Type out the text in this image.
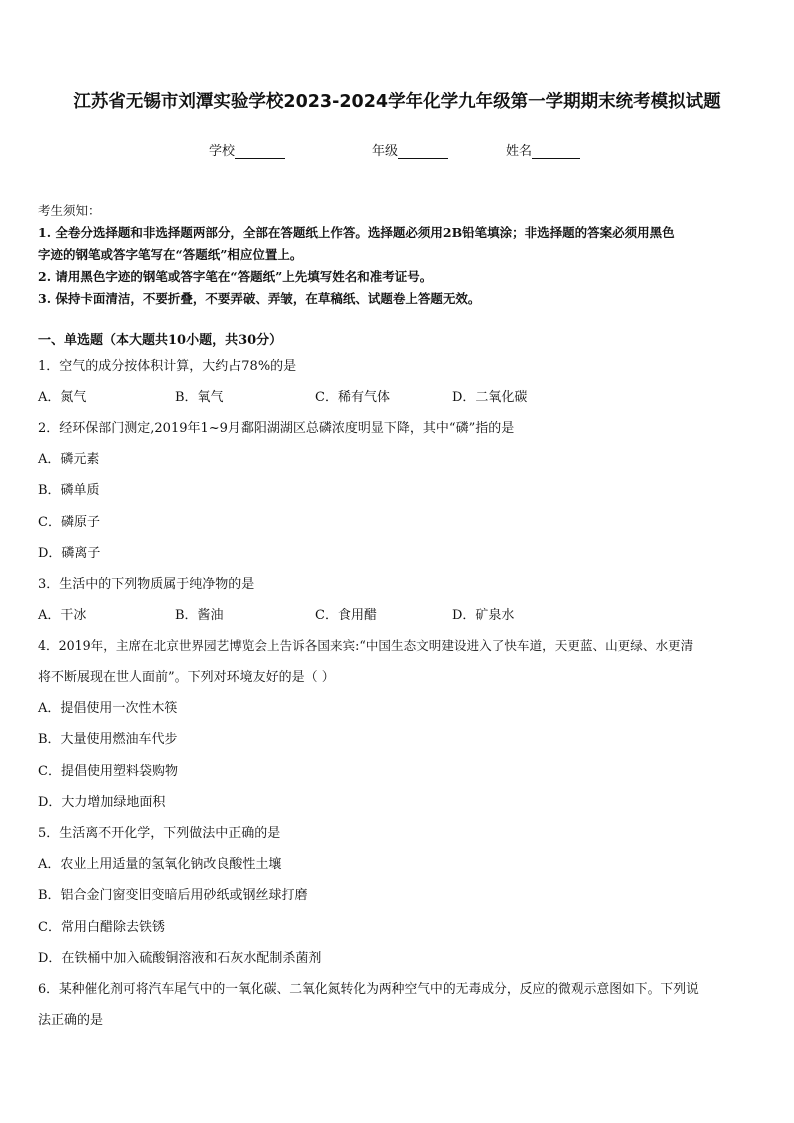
江苏省无锡市刘潭实验学校2023-2024学年化学九年级第一学期期末统考模拟试题
学校	年级	姓名
考生须知：
1. 全卷分选择题和非选择题两部分，全部在答题纸上作答。选择题必须用2B铅笔填涂；非选择题的答案必须用黑色
字迹的钢笔或答字笔写在“答题纸”相应位置上。
2. 请用黑色字迹的钢笔或答字笔在“答题纸”上先填写姓名和准考证号。
3. 保持卡面清洁，不要折叠，不要弄破、弄皱，在草稿纸、试题卷上答题无效。
一、单选题（本大题共10小题，共30分）
1．空气的成分按体积计算，大约占78%的是
A．氮气	B．氧气	C．稀有气体	D．二氧化碳
2．经环保部门测定,2019年1~9月鄱阳湖湖区总磷浓度明显下降，其中“磷”指的是
A．磷元素
B．磷单质
C．磷原子
D．磷离子
3．生活中的下列物质属于纯净物的是
A．干冰	B．酱油	C．食用醋	D．矿泉水
4．2019年，主席在北京世界园艺博览会上告诉各国来宾:“中国生态文明建设进入了快车道，天更蓝、山更绿、水更清
将不断展现在世人面前”。下列对环境友好的是（ ）
A．提倡使用一次性木筷
B．大量使用燃油车代步
C．提倡使用塑料袋购物
D．大力增加绿地面积
5．生活离不开化学，下列做法中正确的是
A．农业上用适量的氢氧化钠改良酸性土壤
B．铝合金门窗变旧变暗后用砂纸或钢丝球打磨
C．常用白醋除去铁锈
D．在铁桶中加入硫酸铜溶液和石灰水配制杀菌剂
6．某种催化剂可将汽车尾气中的一氧化碳、二氧化氮转化为两种空气中的无毒成分，反应的微观示意图如下。下列说
法正确的是
